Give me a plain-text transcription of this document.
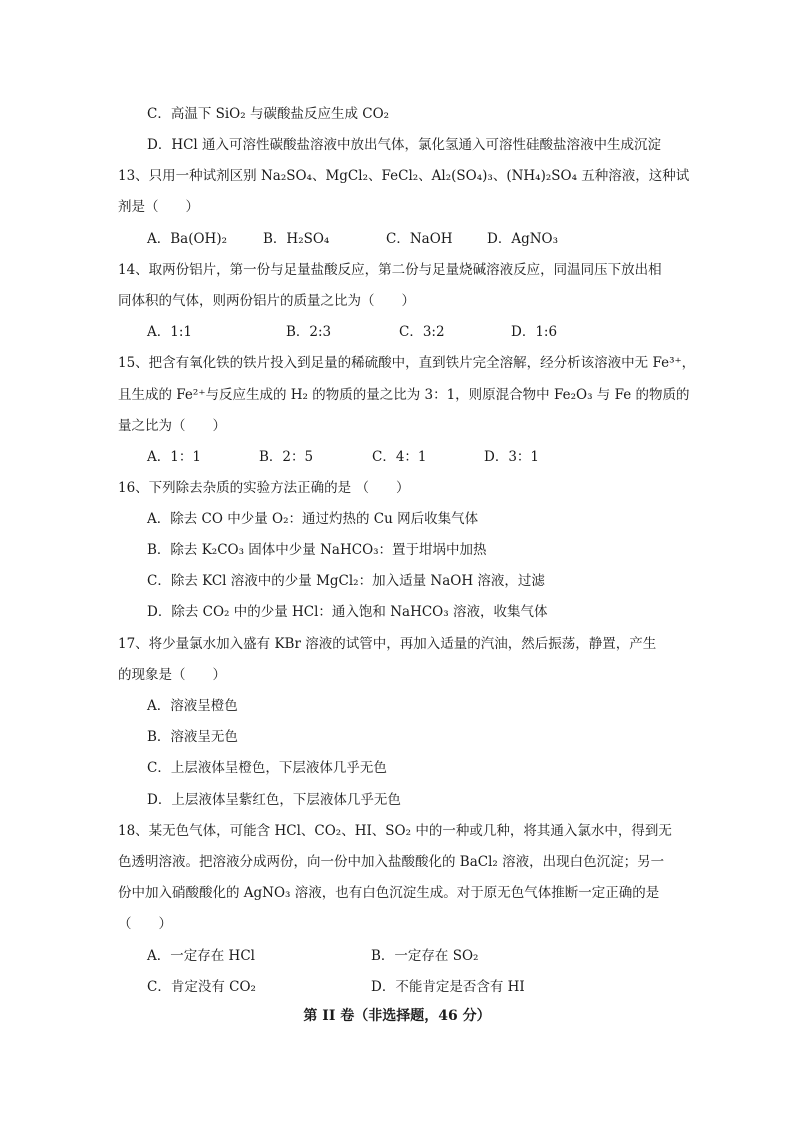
C．高温下 SiO₂ 与碳酸盐反应生成 CO₂
D．HCl 通入可溶性碳酸盐溶液中放出气体，氯化氢通入可溶性硅酸盐溶液中生成沉淀
13、只用一种试剂区别 Na₂SO₄、MgCl₂、FeCl₂、Al₂(SO₄)₃、(NH₄)₂SO₄ 五种溶液，这种试
剂是（　　）
A．Ba(OH)₂	B．H₂SO₄	C．NaOH	D．AgNO₃
14、取两份铝片，第一份与足量盐酸反应，第二份与足量烧碱溶液反应，同温同压下放出相
同体积的气体，则两份铝片的质量之比为（　　）
A．1:1	B．2:3	C．3:2	D．1:6
15、把含有氧化铁的铁片投入到足量的稀硫酸中，直到铁片完全溶解，经分析该溶液中无 Fe³⁺，
且生成的 Fe²⁺与反应生成的 H₂ 的物质的量之比为 3：1，则原混合物中 Fe₂O₃ 与 Fe 的物质的
量之比为（　　）
A．1：1	B．2：5	C．4：1	D．3：1
16、下列除去杂质的实验方法正确的是 （　　）
A．除去 CO 中少量 O₂：通过灼热的 Cu 网后收集气体
B．除去 K₂CO₃ 固体中少量 NaHCO₃：置于坩埚中加热
C．除去 KCl 溶液中的少量 MgCl₂：加入适量 NaOH 溶液，过滤
D．除去 CO₂ 中的少量 HCl：通入饱和 NaHCO₃ 溶液，收集气体
17、将少量氯水加入盛有 KBr 溶液的试管中，再加入适量的汽油，然后振荡，静置，产生
的现象是（　　）
A．溶液呈橙色
B．溶液呈无色
C．上层液体呈橙色，下层液体几乎无色
D．上层液体呈紫红色，下层液体几乎无色
18、某无色气体，可能含 HCl、CO₂、HI、SO₂ 中的一种或几种，将其通入氯水中，得到无
色透明溶液。把溶液分成两份，向一份中加入盐酸酸化的 BaCl₂ 溶液，出现白色沉淀；另一
份中加入硝酸酸化的 AgNO₃ 溶液，也有白色沉淀生成。对于原无色气体推断一定正确的是
（　　）
A．一定存在 HCl	B．一定存在 SO₂
C．肯定没有 CO₂	D．不能肯定是否含有 HI
第 II 卷（非选择题，46 分）
